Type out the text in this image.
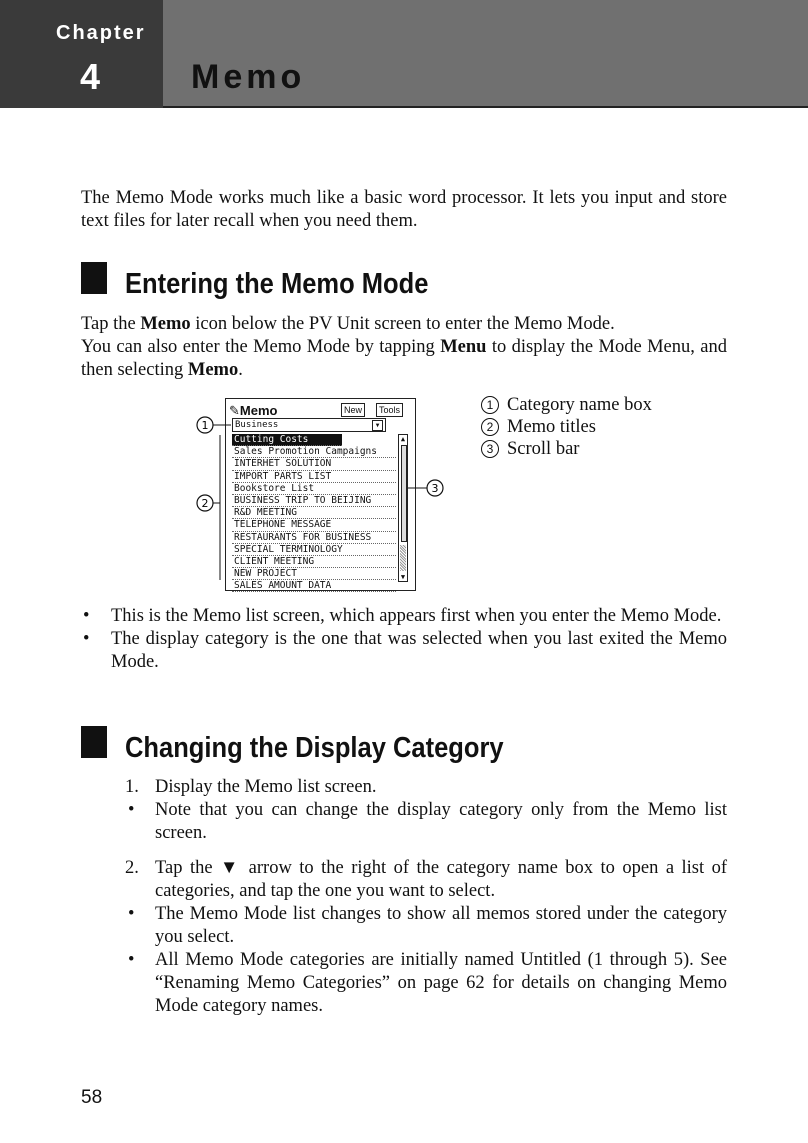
Chapter
4	Memo
The Memo Mode works much like a basic word processor. It lets you input and store text files for later recall when you need them.
Entering the Memo Mode
Tap the Memo icon below the PV Unit screen to enter the Memo Mode.
You can also enter the Memo Mode by tapping Menu to display the Mode Menu, and then selecting Memo.
✎Memo	New	Tools
Business	▼
Cutting Costs
Sales Promotion Campaigns
INTERHET SOLUTION
IMPORT PARTS LIST
Bookstore List
BUSINESS TRIP TO BEIJING
R&D MEETING
TELEPHONE MESSAGE
RESTAURANTS FOR BUSINESS
SPECIAL TERMINOLOGY
CLIENT MEETING
NEW PROJECT
SALES AMOUNT DATA
▲
▼
1
2
3
1 Category name box
2 Memo titles
3 Scroll bar
• This is the Memo list screen, which appears first when you enter the Memo Mode.
• The display category is the one that was selected when you last exited the Memo Mode.
Changing the Display Category
1. Display the Memo list screen.
• Note that you can change the display category only from the Memo list screen.
2. Tap the ▼ arrow to the right of the category name box to open a list of categories, and tap the one you want to select.
• The Memo Mode list changes to show all memos stored under the category you select.
• All Memo Mode categories are initially named Untitled (1 through 5). See “Renaming Memo Categories” on page 62 for details on changing Memo Mode category names.
58
